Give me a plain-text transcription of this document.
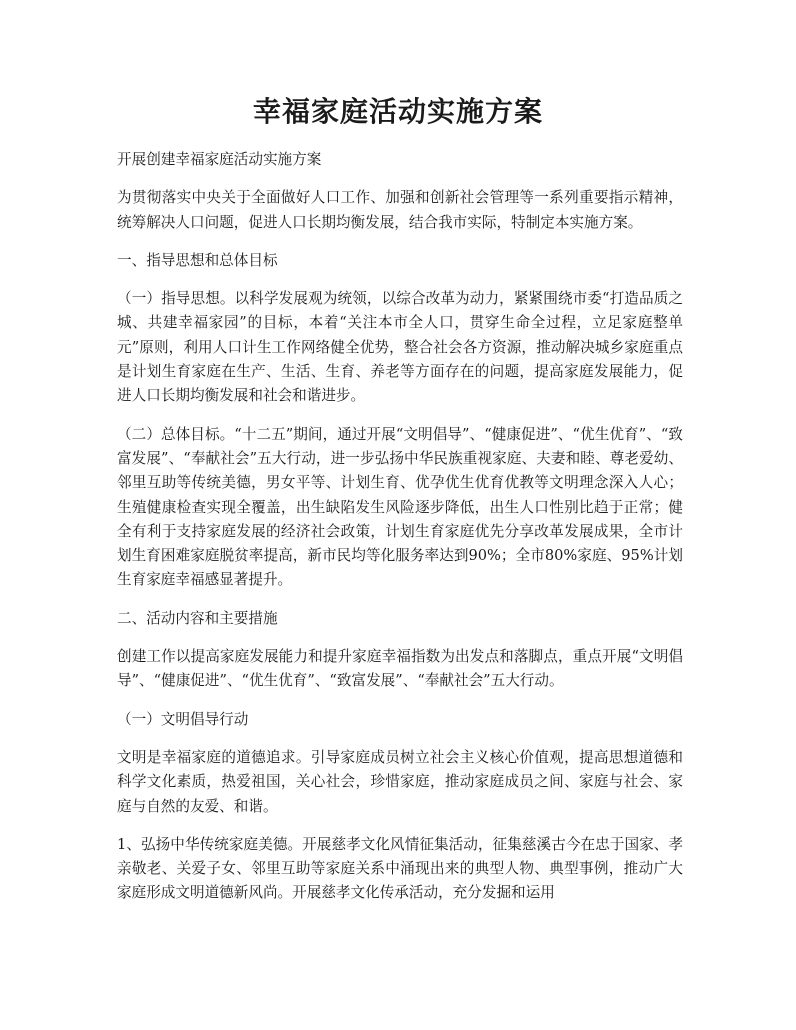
幸福家庭活动实施方案

开展创建幸福家庭活动实施方案

为贯彻落实中央关于全面做好人口工作、加强和创新社会管理等一系列重要指示精神，统筹解决人口问题，促进人口长期均衡发展，结合我市实际，特制定本实施方案。

一、指导思想和总体目标

（一）指导思想。以科学发展观为统领，以综合改革为动力，紧紧围绕市委“打造品质之城、共建幸福家园”的目标，本着“关注本市全人口，贯穿生命全过程，立足家庭整单元”原则，利用人口计生工作网络健全优势，整合社会各方资源，推动解决城乡家庭重点是计划生育家庭在生产、生活、生育、养老等方面存在的问题，提高家庭发展能力，促进人口长期均衡发展和社会和谐进步。

（二）总体目标。“十二五”期间，通过开展“文明倡导”、“健康促进”、“优生优育”、“致富发展”、“奉献社会”五大行动，进一步弘扬中华民族重视家庭、夫妻和睦、尊老爱幼、邻里互助等传统美德，男女平等、计划生育、优孕优生优育优教等文明理念深入人心；生殖健康检查实现全覆盖，出生缺陷发生风险逐步降低，出生人口性别比趋于正常；健全有利于支持家庭发展的经济社会政策，计划生育家庭优先分享改革发展成果，全市计划生育困难家庭脱贫率提高，新市民均等化服务率达到90%；全市80%家庭、95%计划生育家庭幸福感显著提升。

二、活动内容和主要措施

创建工作以提高家庭发展能力和提升家庭幸福指数为出发点和落脚点，重点开展“文明倡导”、“健康促进”、“优生优育”、“致富发展”、“奉献社会”五大行动。

（一）文明倡导行动

文明是幸福家庭的道德追求。引导家庭成员树立社会主义核心价值观，提高思想道德和科学文化素质，热爱祖国，关心社会，珍惜家庭，推动家庭成员之间、家庭与社会、家庭与自然的友爱、和谐。

1、弘扬中华传统家庭美德。开展慈孝文化风情征集活动，征集慈溪古今在忠于国家、孝亲敬老、关爱子女、邻里互助等家庭关系中涌现出来的典型人物、典型事例，推动广大家庭形成文明道德新风尚。开展慈孝文化传承活动，充分发掘和运用
